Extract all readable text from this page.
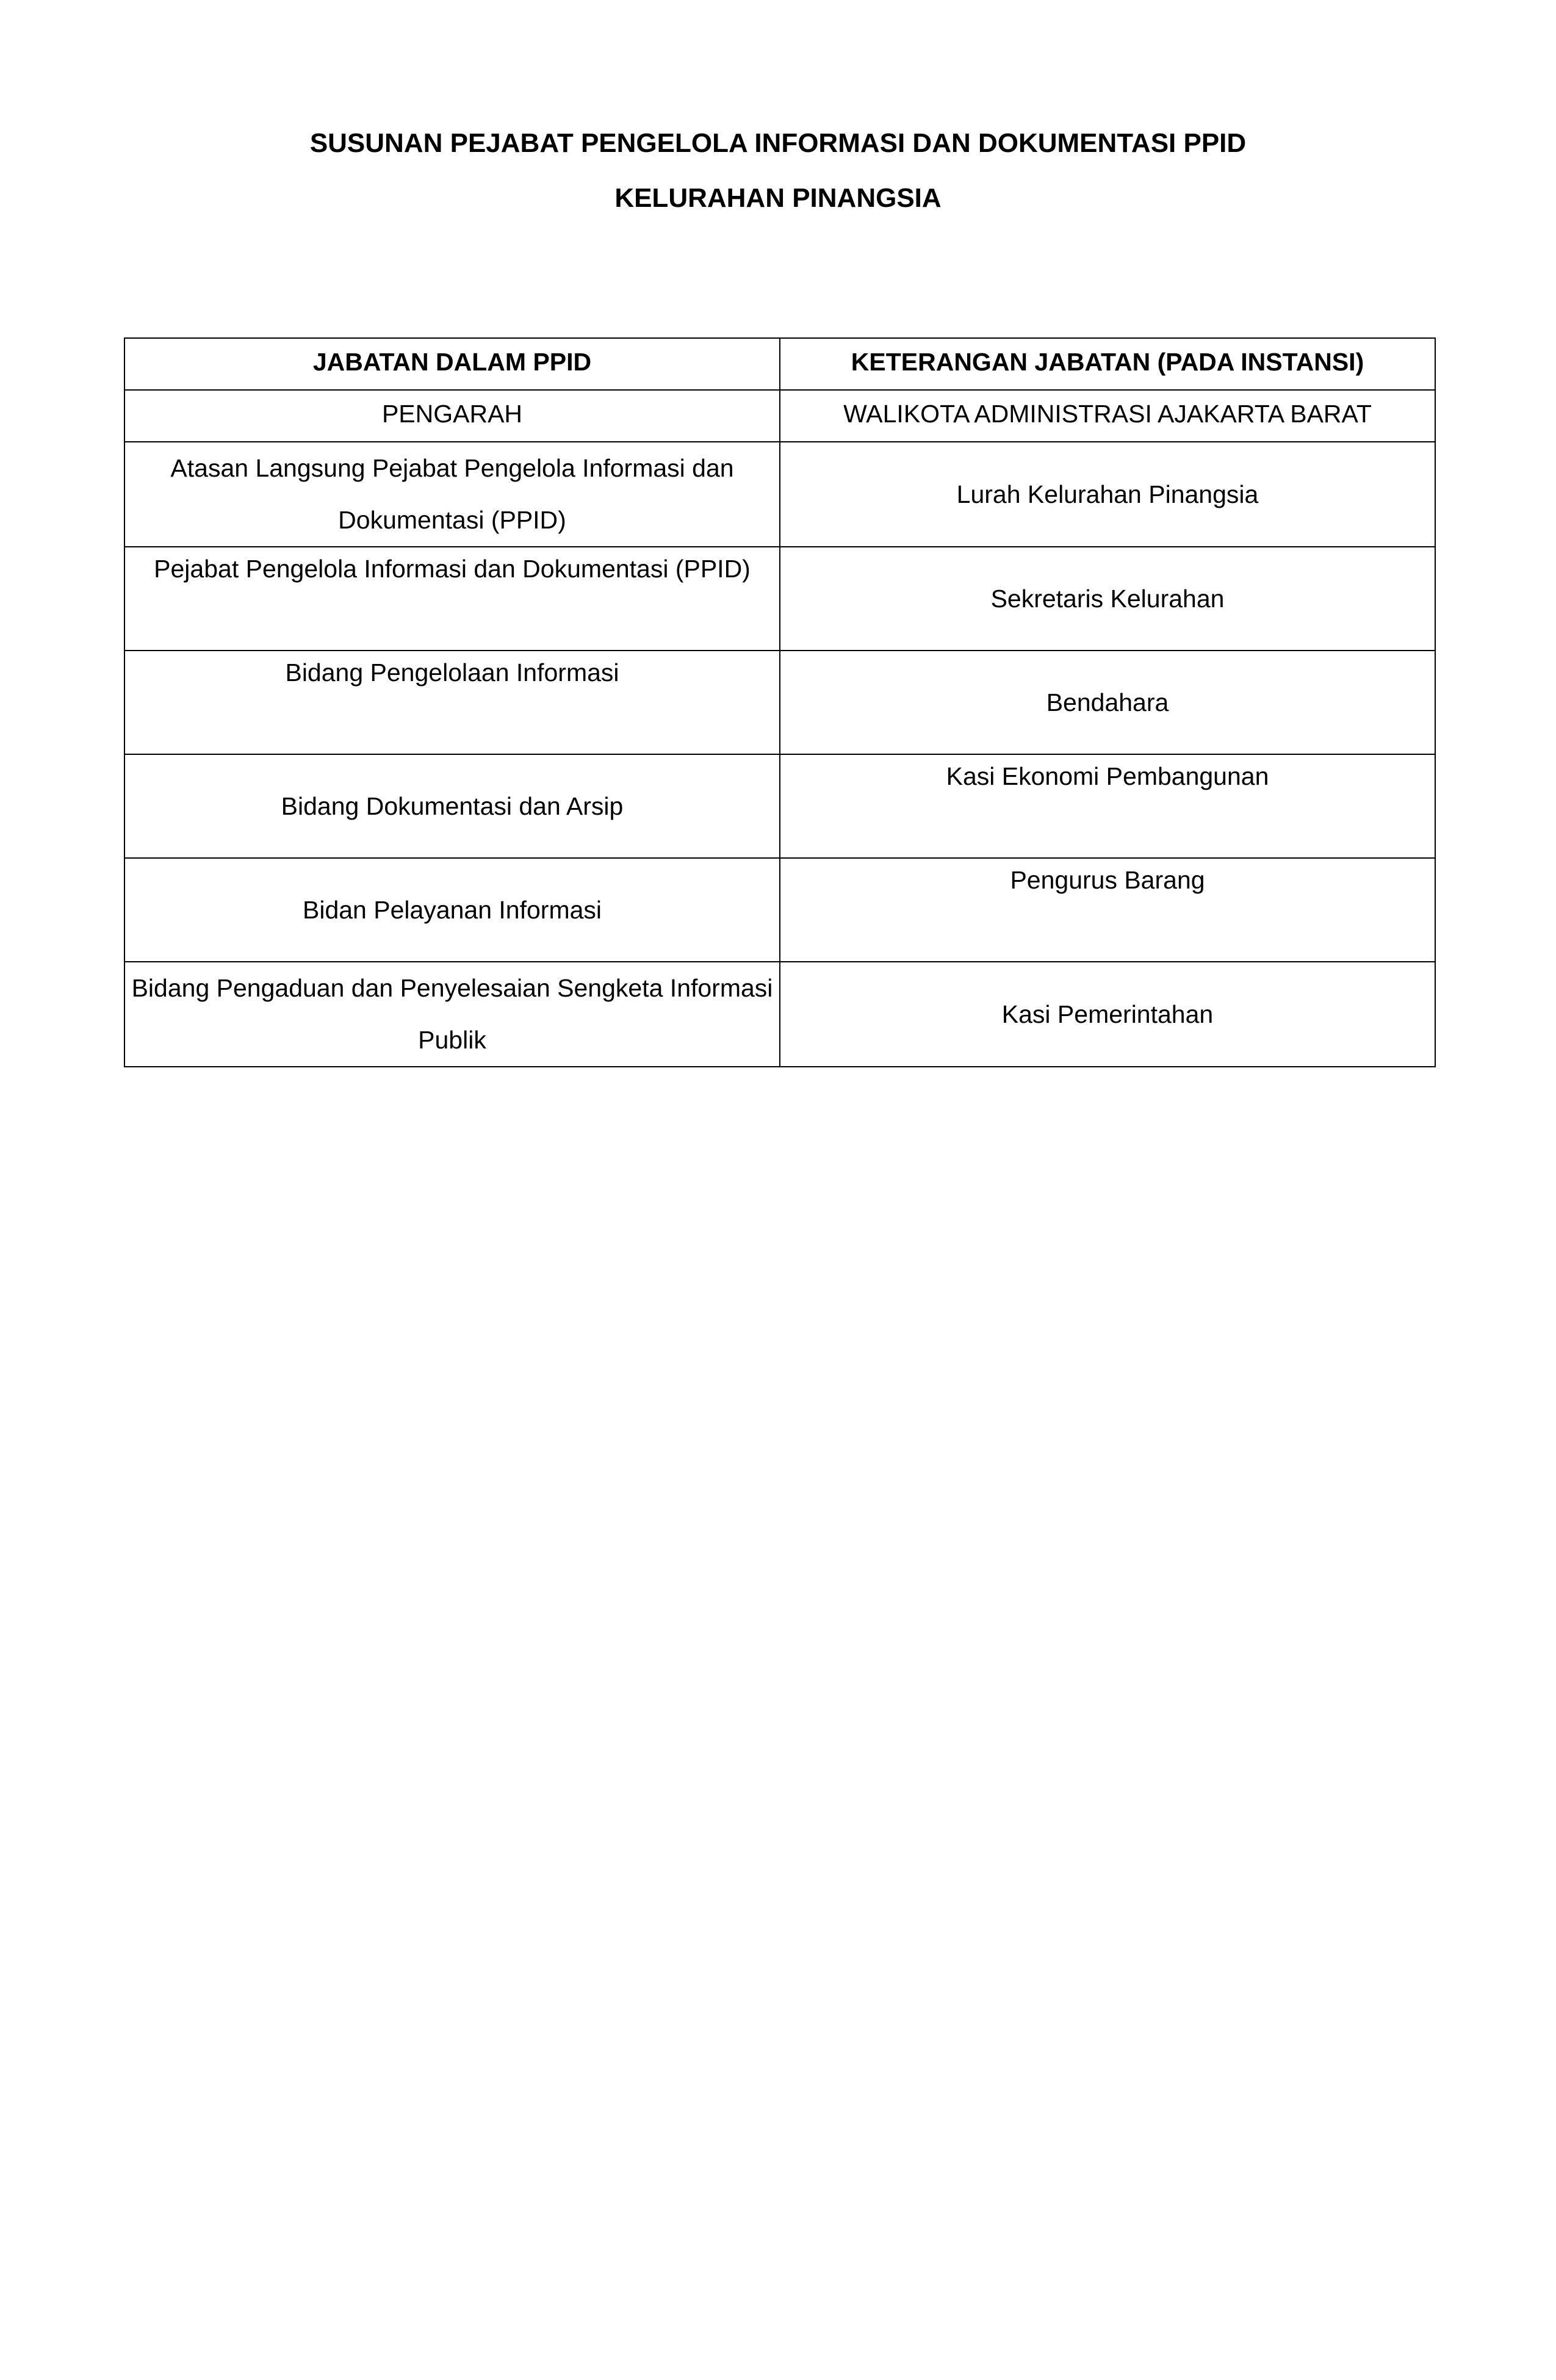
SUSUNAN PEJABAT PENGELOLA INFORMASI DAN DOKUMENTASI PPID
KELURAHAN PINANGSIA
JABATAN DALAM PPID	KETERANGAN JABATAN (PADA INSTANSI)
PENGARAH	WALIKOTA ADMINISTRASI AJAKARTA BARAT
Atasan Langsung Pejabat Pengelola Informasi dan Dokumentasi (PPID)	Lurah Kelurahan Pinangsia
Pejabat Pengelola Informasi dan Dokumentasi (PPID)	Sekretaris Kelurahan
Bidang Pengelolaan Informasi	Bendahara
Bidang Dokumentasi dan Arsip	Kasi Ekonomi Pembangunan
Bidan Pelayanan Informasi	Pengurus Barang
Bidang Pengaduan dan Penyelesaian Sengketa Informasi Publik	Kasi Pemerintahan
